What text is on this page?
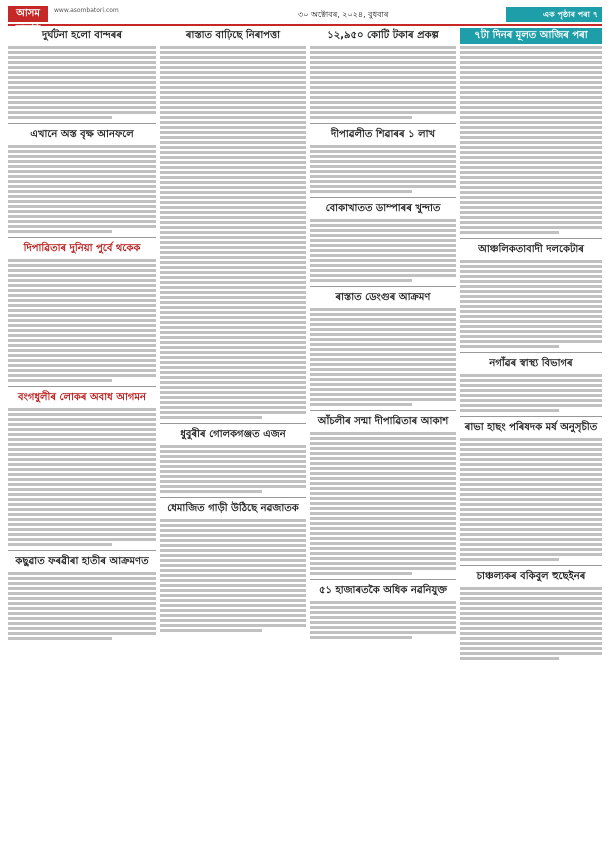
আসম বাতৰি
www.asombatori.com	৩০ অক্টোবৰ, ২০২৪, বুধবাৰ	এক পৃষ্ঠাৰ পৰা ৭
দুৰ্ঘটনা হলো বান্দৰৰ
এখানে অস্ত বৃক্ষ আনফলে
দিপাৱিতাৰ দুনিয়া পুৰ্বে থকেক
বংগধুলীৰ লোকৰ অবাধ আগমন
কছুৱাত ফৰৱীৰা হাতীৰ আক্ৰমণত
ৰাস্তাত বাঢ়িছে নিৰাপত্তা
ধুবুৰীৰ গোলকগঞ্জত এজন
ধেমাজিত গাড়ী উঠিছে নৱজাতক
১২,৯৫০ কোটি টকাৰ প্ৰকল্প
দীপাৱলীত শিৱাৰৰ ১ লাখ
বোকাখাতত ডাম্পাৰৰ খুন্দাত
ৰাস্তাত ডেংগুৰ আক্ৰমণ
আঁচলীৰ সন্মা দীপাৱিতাৰ আকাশ
৫১ হাজাৰতকৈ অধিক নৱনিযুক্ত
৭টা দিনৰ মূলত আজিৰ পৰা
আঞ্চলিকতাবাদী দলকেটাৰ
নগাঁৱৰ স্বাস্থ্য বিভাগৰ
ৰাভা হাছং পৰিষদক মৰ্ষ অনুসৃচীত
চাঞ্চল্যকৰ বকিবুল হুছেইনৰ
